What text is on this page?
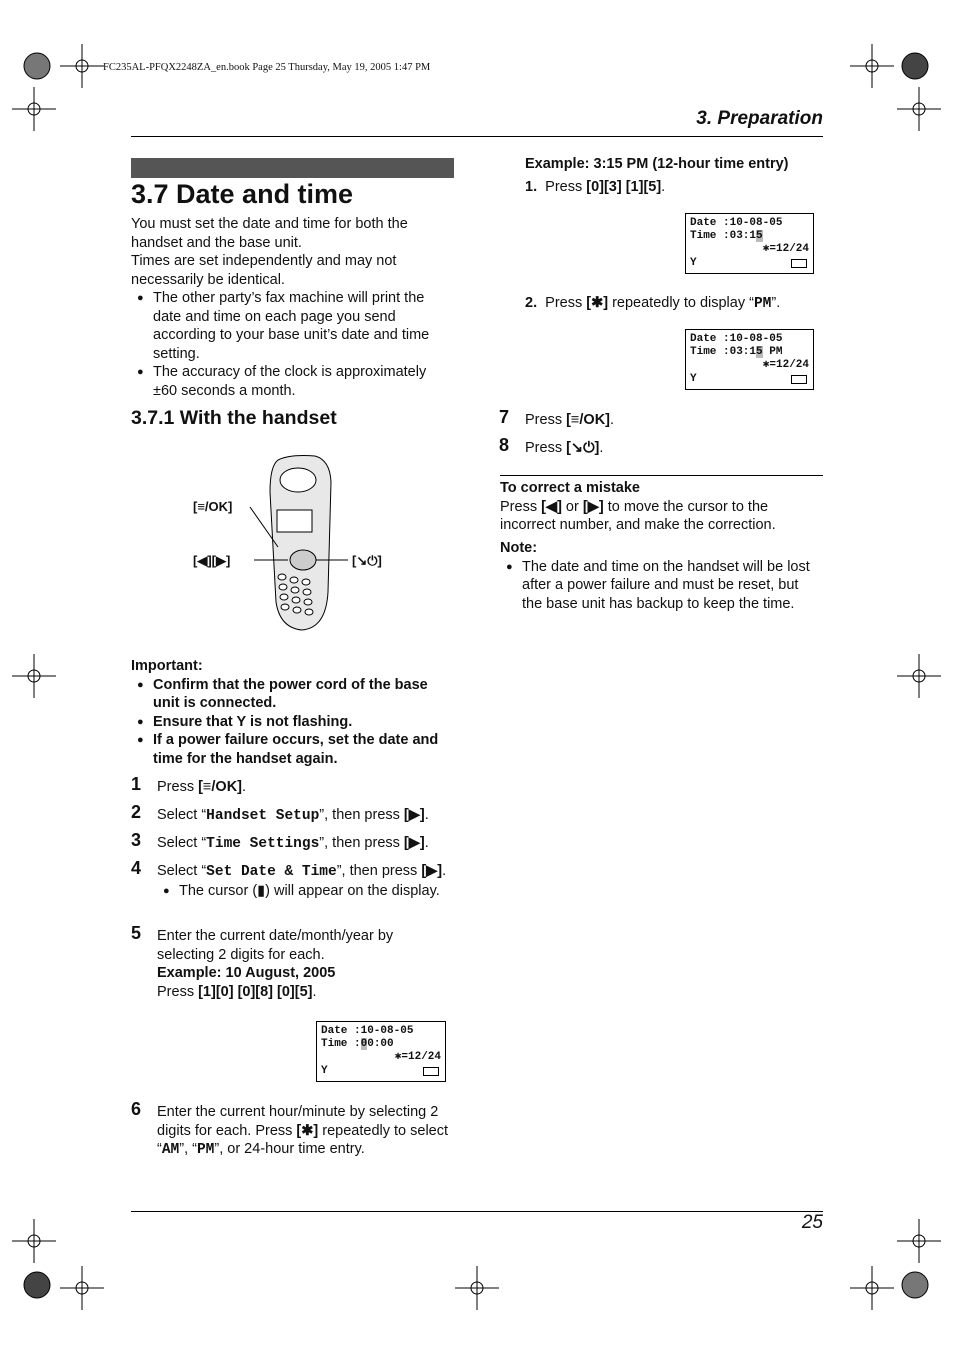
FC235AL-PFQX2248ZA_en.book Page 25 Thursday, May 19, 2005 1:47 PM
3. Preparation
3.7 Date and time
You must set the date and time for both the handset and the base unit.
Times are set independently and may not necessarily be identical.
● The other party’s fax machine will print the date and time on each page you send according to your base unit’s date and time setting.
● The accuracy of the clock is approximately ±60 seconds a month.
3.7.1 With the handset
[≡/OK]
[◀][▶]	[↘⏻]
Important:
● Confirm that the power cord of the base unit is connected.
● Ensure that Y is not flashing.
● If a power failure occurs, set the date and time for the handset again.
1 Press [≡/OK].
2 Select “Handset Setup”, then press [▶].
3 Select “Time Settings”, then press [▶].
4 Select “Set Date & Time”, then press [▶].
● The cursor (▮) will appear on the display.
5 Enter the current date/month/year by selecting 2 digits for each.
Example: 10 August, 2005
Press [1][0] [0][8] [0][5].
Date :10-08-05
Time :00:00
✱=12/24
Y
6 Enter the current hour/minute by selecting 2 digits for each. Press [✱] repeatedly to select “AM”, “PM”, or 24-hour time entry.
Example: 3:15 PM (12-hour time entry)
1. Press [0][3] [1][5].
Date :10-08-05
Time :03:15
✱=12/24
Y
2. Press [✱] repeatedly to display “PM”.
Date :10-08-05
Time :03:15 PM
✱=12/24
Y
7 Press [≡/OK].
8 Press [↘⏻].
To correct a mistake
Press [◀] or [▶] to move the cursor to the incorrect number, and make the correction.
Note:
● The date and time on the handset will be lost after a power failure and must be reset, but the base unit has backup to keep the time.
25
